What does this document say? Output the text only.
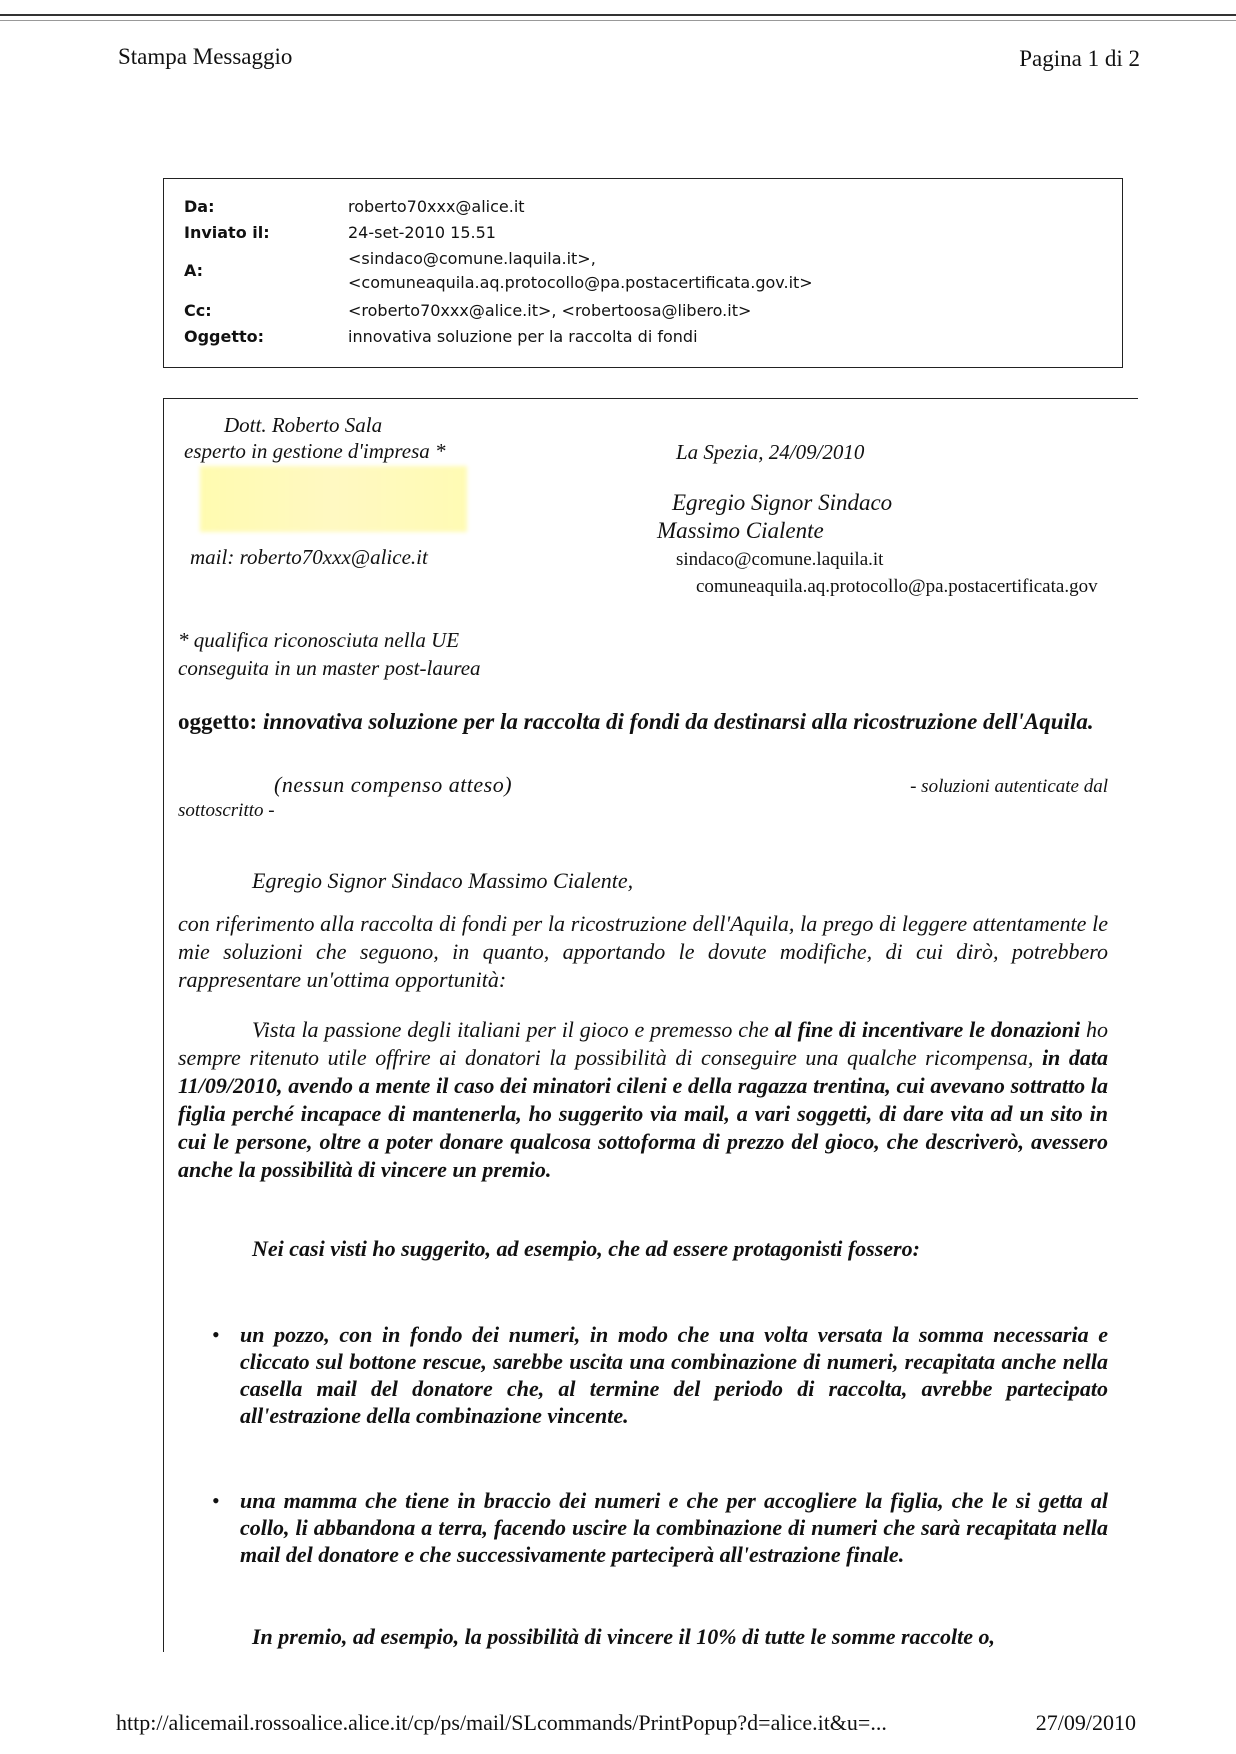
Stampa Messaggio	Pagina 1 di 2
Da:	roberto70xxx@alice.it
Inviato il:	24-set-2010 15.51
A:
<sindaco@comune.laquila.it>,
<comuneaquila.aq.protocollo@pa.postacertificata.gov.it>
Cc:	<roberto70xxx@alice.it>, <robertoosa@libero.it>
Oggetto:	innovativa soluzione per la raccolta di fondi
Dott. Roberto Sala
esperto in gestione d'impresa *
mail: roberto70xxx@alice.it
La Spezia, 24/09/2010
Egregio Signor Sindaco
Massimo Cialente
sindaco@comune.laquila.it
comuneaquila.aq.protocollo@pa.postacertificata.gov
* qualifica riconosciuta nella UE
conseguita in un master post-laurea
oggetto: innovativa soluzione per la raccolta di fondi da destinarsi alla ricostruzione dell'Aquila.
(nessun compenso atteso)	- soluzioni autenticate dal
sottoscritto -
Egregio Signor Sindaco Massimo Cialente,
con riferimento alla raccolta di fondi per la ricostruzione dell'Aquila, la prego di leggere attentamente le mie soluzioni che seguono, in quanto, apportando le dovute modifiche, di cui dirò, potrebbero rappresentare un'ottima opportunità:
Vista la passione degli italiani per il gioco e premesso che al fine di incentivare le donazioni ho sempre ritenuto utile offrire ai donatori la possibilità di conseguire una qualche ricompensa, in data 11/09/2010, avendo a mente il caso dei minatori cileni e della ragazza trentina, cui avevano sottratto la figlia perché incapace di mantenerla, ho suggerito via mail, a vari soggetti, di dare vita ad un sito in cui le persone, oltre a poter donare qualcosa sottoforma di prezzo del gioco, che descriverò, avessero anche la possibilità di vincere un premio.
Nei casi visti ho suggerito, ad esempio, che ad essere protagonisti fossero:
• un pozzo, con in fondo dei numeri, in modo che una volta versata la somma necessaria e cliccato sul bottone rescue, sarebbe uscita una combinazione di numeri, recapitata anche nella casella mail del donatore che, al termine del periodo di raccolta, avrebbe partecipato all'estrazione della combinazione vincente.
• una mamma che tiene in braccio dei numeri e che per accogliere la figlia, che le si getta al collo, li abbandona a terra, facendo uscire la combinazione di numeri che sarà recapitata nella mail del donatore e che successivamente parteciperà all'estrazione finale.
In premio, ad esempio, la possibilità di vincere il 10% di tutte le somme raccolte o,
http://alicemail.rossoalice.alice.it/cp/ps/mail/SLcommands/PrintPopup?d=alice.it&u=...	27/09/2010
